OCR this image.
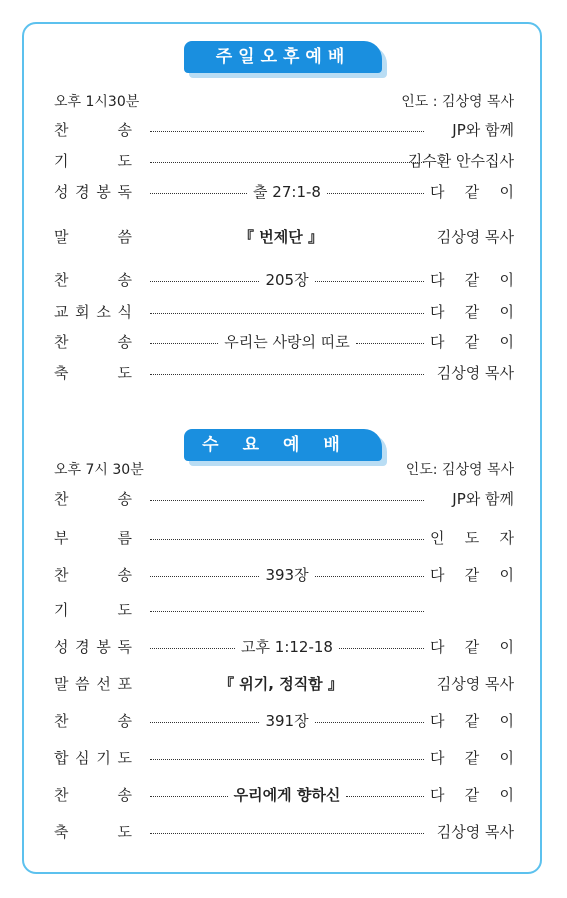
주일오후예배
오후 1시30분	인도 : 김상영 목사
찬	송	JP와 함께
기	도	김수환 안수집사
성 경 봉 독	출 27:1-8	다 같 이
말	씀	『 번제단 』	김상영 목사
찬	송	205장	다 같 이
교 회 소 식	다 같 이
찬	송	우리는 사랑의 띠로	다 같 이
축	도	김상영 목사
수요예배
오후 7시 30분	인도: 김상영 목사
찬	송	JP와 함께
부	름	인 도 자
찬	송	393장	다 같 이
기	도
성 경 봉 독	고후 1:12-18	다 같 이
말 씀 선 포	『 위기, 정직함 』	김상영 목사
찬	송	391장	다 같 이
합 심 기 도	다 같 이
찬	송	우리에게 향하신	다 같 이
축	도	김상영 목사
